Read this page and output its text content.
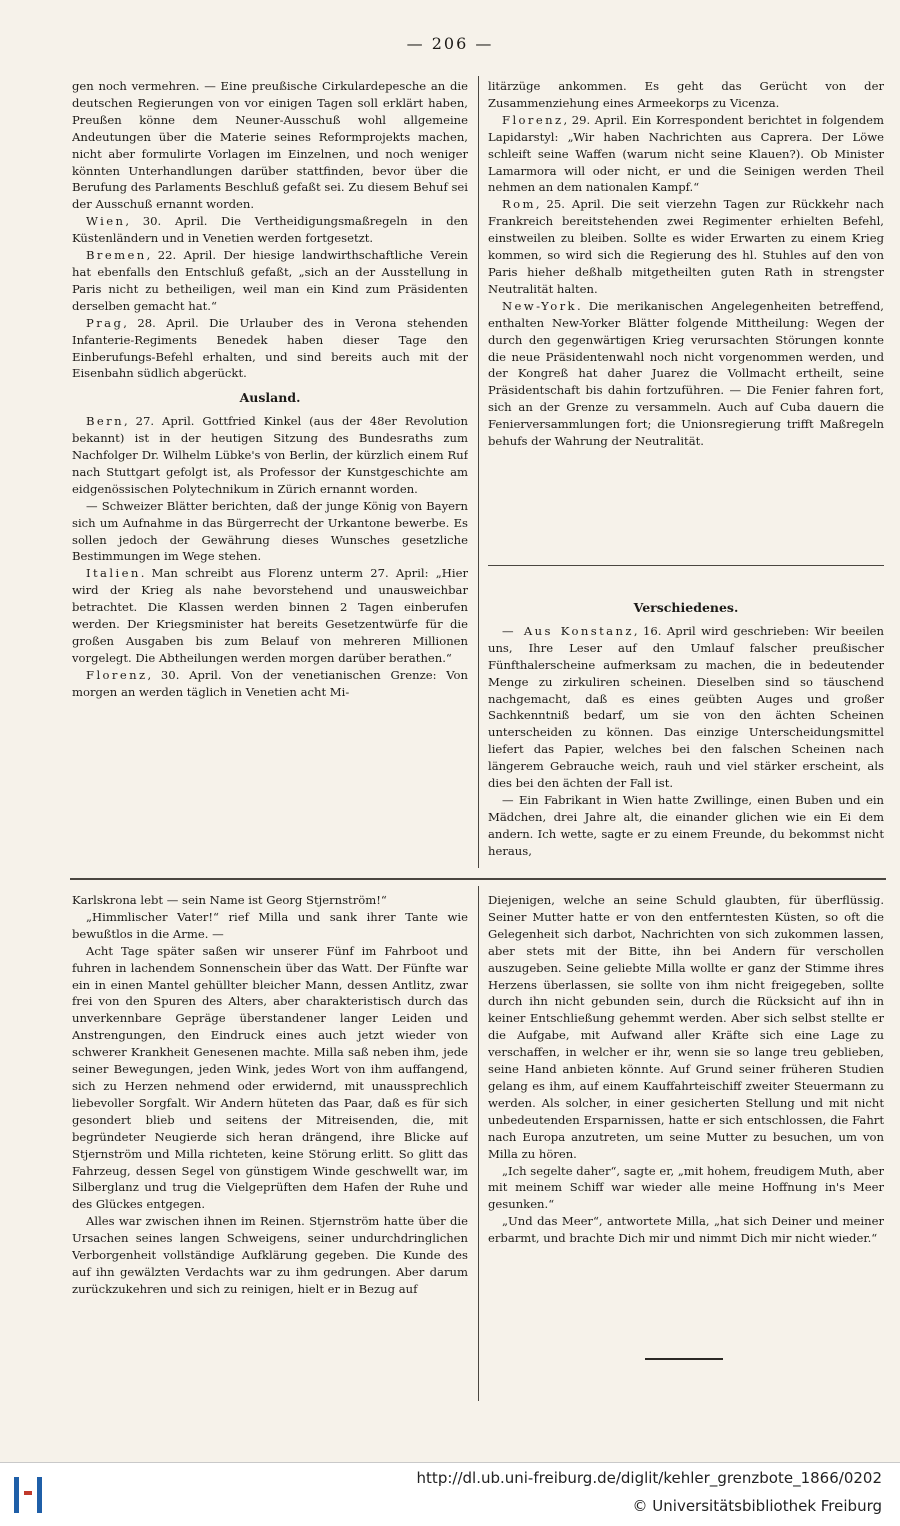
— 206 —

gen noch vermehren. — Eine preußische Cirkulardepesche an die deutschen Regierungen von vor einigen Tagen soll erklärt haben, Preußen könne dem Neuner-Ausschuß wohl allgemeine Andeutungen über die Materie seines Reformprojekts machen, nicht aber formulirte Vorlagen im Einzelnen, und noch weniger könnten Unterhandlungen darüber stattfinden, bevor über die Berufung des Parlaments Beschluß gefaßt sei. Zu diesem Behuf sei der Ausschuß ernannt worden.

Wien, 30. April. Die Vertheidigungsmaßregeln in den Küstenländern und in Venetien werden fortgesetzt.

Bremen, 22. April. Der hiesige landwirthschaftliche Verein hat ebenfalls den Entschluß gefaßt, „sich an der Ausstellung in Paris nicht zu betheiligen, weil man ein Kind zum Präsidenten derselben gemacht hat.“

Prag, 28. April. Die Urlauber des in Verona stehenden Infanterie-Regiments Benedek haben dieser Tage den Einberufungs-Befehl erhalten, und sind bereits auch mit der Eisenbahn südlich abgerückt.

Ausland.

Bern, 27. April. Gottfried Kinkel (aus der 48er Revolution bekannt) ist in der heutigen Sitzung des Bundesraths zum Nachfolger Dr. Wilhelm Lübke's von Berlin, der kürzlich einem Ruf nach Stuttgart gefolgt ist, als Professor der Kunstgeschichte am eidgenössischen Polytechnikum in Zürich ernannt worden.

— Schweizer Blätter berichten, daß der junge König von Bayern sich um Aufnahme in das Bürgerrecht der Urkantone bewerbe. Es sollen jedoch der Gewährung dieses Wunsches gesetzliche Bestimmungen im Wege stehen.

Italien. Man schreibt aus Florenz unterm 27. April: „Hier wird der Krieg als nahe bevorstehend und unausweichbar betrachtet. Die Klassen werden binnen 2 Tagen einberufen werden. Der Kriegsminister hat bereits Gesetzentwürfe für die großen Ausgaben bis zum Belauf von mehreren Millionen vorgelegt. Die Abtheilungen werden morgen darüber berathen.“

Florenz, 30. April. Von der venetianischen Grenze: Von morgen an werden täglich in Venetien acht Mi-

litärzüge ankommen. Es geht das Gerücht von der Zusammenziehung eines Armeekorps zu Vicenza.

Florenz, 29. April. Ein Korrespondent berichtet in folgendem Lapidarstyl: „Wir haben Nachrichten aus Caprera. Der Löwe schleift seine Waffen (warum nicht seine Klauen?). Ob Minister Lamarmora will oder nicht, er und die Seinigen werden Theil nehmen an dem nationalen Kampf.“

Rom, 25. April. Die seit vierzehn Tagen zur Rückkehr nach Frankreich bereitstehenden zwei Regimenter erhielten Befehl, einstweilen zu bleiben. Sollte es wider Erwarten zu einem Krieg kommen, so wird sich die Regierung des hl. Stuhles auf den von Paris hieher deßhalb mitgetheilten guten Rath in strengster Neutralität halten.

New-York. Die merikanischen Angelegenheiten betreffend, enthalten New-Yorker Blätter folgende Mittheilung: Wegen der durch den gegenwärtigen Krieg verursachten Störungen konnte die neue Präsidentenwahl noch nicht vorgenommen werden, und der Kongreß hat daher Juarez die Vollmacht ertheilt, seine Präsidentschaft bis dahin fortzuführen. — Die Fenier fahren fort, sich an der Grenze zu versammeln. Auch auf Cuba dauern die Fenierversammlungen fort; die Unionsregierung trifft Maßregeln behufs der Wahrung der Neutralität.

Verschiedenes.

— Aus Konstanz, 16. April wird geschrieben: Wir beeilen uns, Ihre Leser auf den Umlauf falscher preußischer Fünfthalerscheine aufmerksam zu machen, die in bedeutender Menge zu zirkuliren scheinen. Dieselben sind so täuschend nachgemacht, daß es eines geübten Auges und großer Sachkenntniß bedarf, um sie von den ächten Scheinen unterscheiden zu können. Das einzige Unterscheidungsmittel liefert das Papier, welches bei den falschen Scheinen nach längerem Gebrauche weich, rauh und viel stärker erscheint, als dies bei den ächten der Fall ist.

— Ein Fabrikant in Wien hatte Zwillinge, einen Buben und ein Mädchen, drei Jahre alt, die einander glichen wie ein Ei dem andern. Ich wette, sagte er zu einem Freunde, du bekommst nicht heraus,

Karlskrona lebt — sein Name ist Georg Stjernström!“

„Himmlischer Vater!“ rief Milla und sank ihrer Tante wie bewußtlos in die Arme. —

Acht Tage später saßen wir unserer Fünf im Fahrboot und fuhren in lachendem Sonnenschein über das Watt. Der Fünfte war ein in einen Mantel gehüllter bleicher Mann, dessen Antlitz, zwar frei von den Spuren des Alters, aber charakteristisch durch das unverkennbare Gepräge überstandener langer Leiden und Anstrengungen, den Eindruck eines auch jetzt wieder von schwerer Krankheit Genesenen machte. Milla saß neben ihm, jede seiner Bewegungen, jeden Wink, jedes Wort von ihm auffangend, sich zu Herzen nehmend oder erwidernd, mit unaussprechlich liebevoller Sorgfalt. Wir Andern hüteten das Paar, daß es für sich gesondert blieb und seitens der Mitreisenden, die, mit begründeter Neugierde sich heran drängend, ihre Blicke auf Stjernström und Milla richteten, keine Störung erlitt. So glitt das Fahrzeug, dessen Segel von günstigem Winde geschwellt war, im Silberglanz und trug die Vielgeprüften dem Hafen der Ruhe und des Glückes entgegen.

Alles war zwischen ihnen im Reinen. Stjernström hatte über die Ursachen seines langen Schweigens, seiner undurchdringlichen Verborgenheit vollständige Aufklärung gegeben. Die Kunde des auf ihn gewälzten Verdachts war zu ihm gedrungen. Aber darum zurückzukehren und sich zu reinigen, hielt er in Bezug auf

Diejenigen, welche an seine Schuld glaubten, für überflüssig. Seiner Mutter hatte er von den entferntesten Küsten, so oft die Gelegenheit sich darbot, Nachrichten von sich zukommen lassen, aber stets mit der Bitte, ihn bei Andern für verschollen auszugeben. Seine geliebte Milla wollte er ganz der Stimme ihres Herzens überlassen, sie sollte von ihm nicht freigegeben, sollte durch ihn nicht gebunden sein, durch die Rücksicht auf ihn in keiner Entschließung gehemmt werden. Aber sich selbst stellte er die Aufgabe, mit Aufwand aller Kräfte sich eine Lage zu verschaffen, in welcher er ihr, wenn sie so lange treu geblieben, seine Hand anbieten könnte. Auf Grund seiner früheren Studien gelang es ihm, auf einem Kauffahrteischiff zweiter Steuermann zu werden. Als solcher, in einer gesicherten Stellung und mit nicht unbedeutenden Ersparnissen, hatte er sich entschlossen, die Fahrt nach Europa anzutreten, um seine Mutter zu besuchen, um von Milla zu hören.

„Ich segelte daher“, sagte er, „mit hohem, freudigem Muth, aber mit meinem Schiff war wieder alle meine Hoffnung in's Meer gesunken.“

„Und das Meer“, antwortete Milla, „hat sich Deiner und meiner erbarmt, und brachte Dich mir und nimmt Dich mir nicht wieder.“

http://dl.ub.uni-freiburg.de/diglit/kehler_grenzbote_1866/0202
© Universitätsbibliothek Freiburg
